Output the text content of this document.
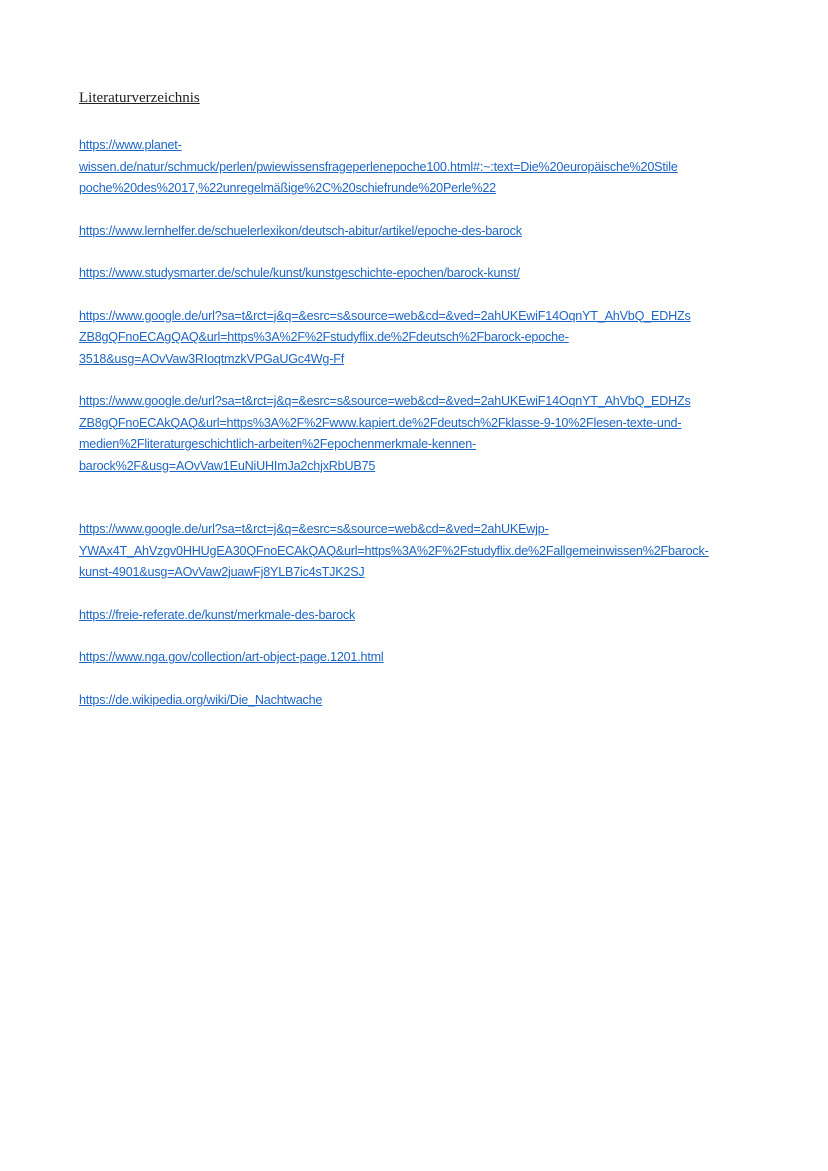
Literaturverzeichnis
https://www.planet-
wissen.de/natur/schmuck/perlen/pwiewissensfrageperlenepoche100.html#:~:text=Die%20europäische%20Stile
poche%20des%2017,%22unregelmäßige%2C%20schiefrunde%20Perle%22
https://www.lernhelfer.de/schuelerlexikon/deutsch-abitur/artikel/epoche-des-barock
https://www.studysmarter.de/schule/kunst/kunstgeschichte-epochen/barock-kunst/
https://www.google.de/url?sa=t&rct=j&q=&esrc=s&source=web&cd=&ved=2ahUKEwiF14OqnYT_AhVbQ_EDHZs
ZB8gQFnoECAgQAQ&url=https%3A%2F%2Fstudyflix.de%2Fdeutsch%2Fbarock-epoche-
3518&usg=AOvVaw3RIoqtmzkVPGaUGc4Wg-Ff
https://www.google.de/url?sa=t&rct=j&q=&esrc=s&source=web&cd=&ved=2ahUKEwiF14OqnYT_AhVbQ_EDHZs
ZB8gQFnoECAkQAQ&url=https%3A%2F%2Fwww.kapiert.de%2Fdeutsch%2Fklasse-9-10%2Flesen-texte-und-
medien%2Fliteraturgeschichtlich-arbeiten%2Fepochenmerkmale-kennen-
barock%2F&usg=AOvVaw1EuNiUHImJa2chjxRbUB75
https://www.google.de/url?sa=t&rct=j&q=&esrc=s&source=web&cd=&ved=2ahUKEwjp-
YWAx4T_AhVzgv0HHUgEA30QFnoECAkQAQ&url=https%3A%2F%2Fstudyflix.de%2Fallgemeinwissen%2Fbarock-
kunst-4901&usg=AOvVaw2juawFj8YLB7ic4sTJK2SJ
https://freie-referate.de/kunst/merkmale-des-barock
https://www.nga.gov/collection/art-object-page.1201.html
https://de.wikipedia.org/wiki/Die_Nachtwache
